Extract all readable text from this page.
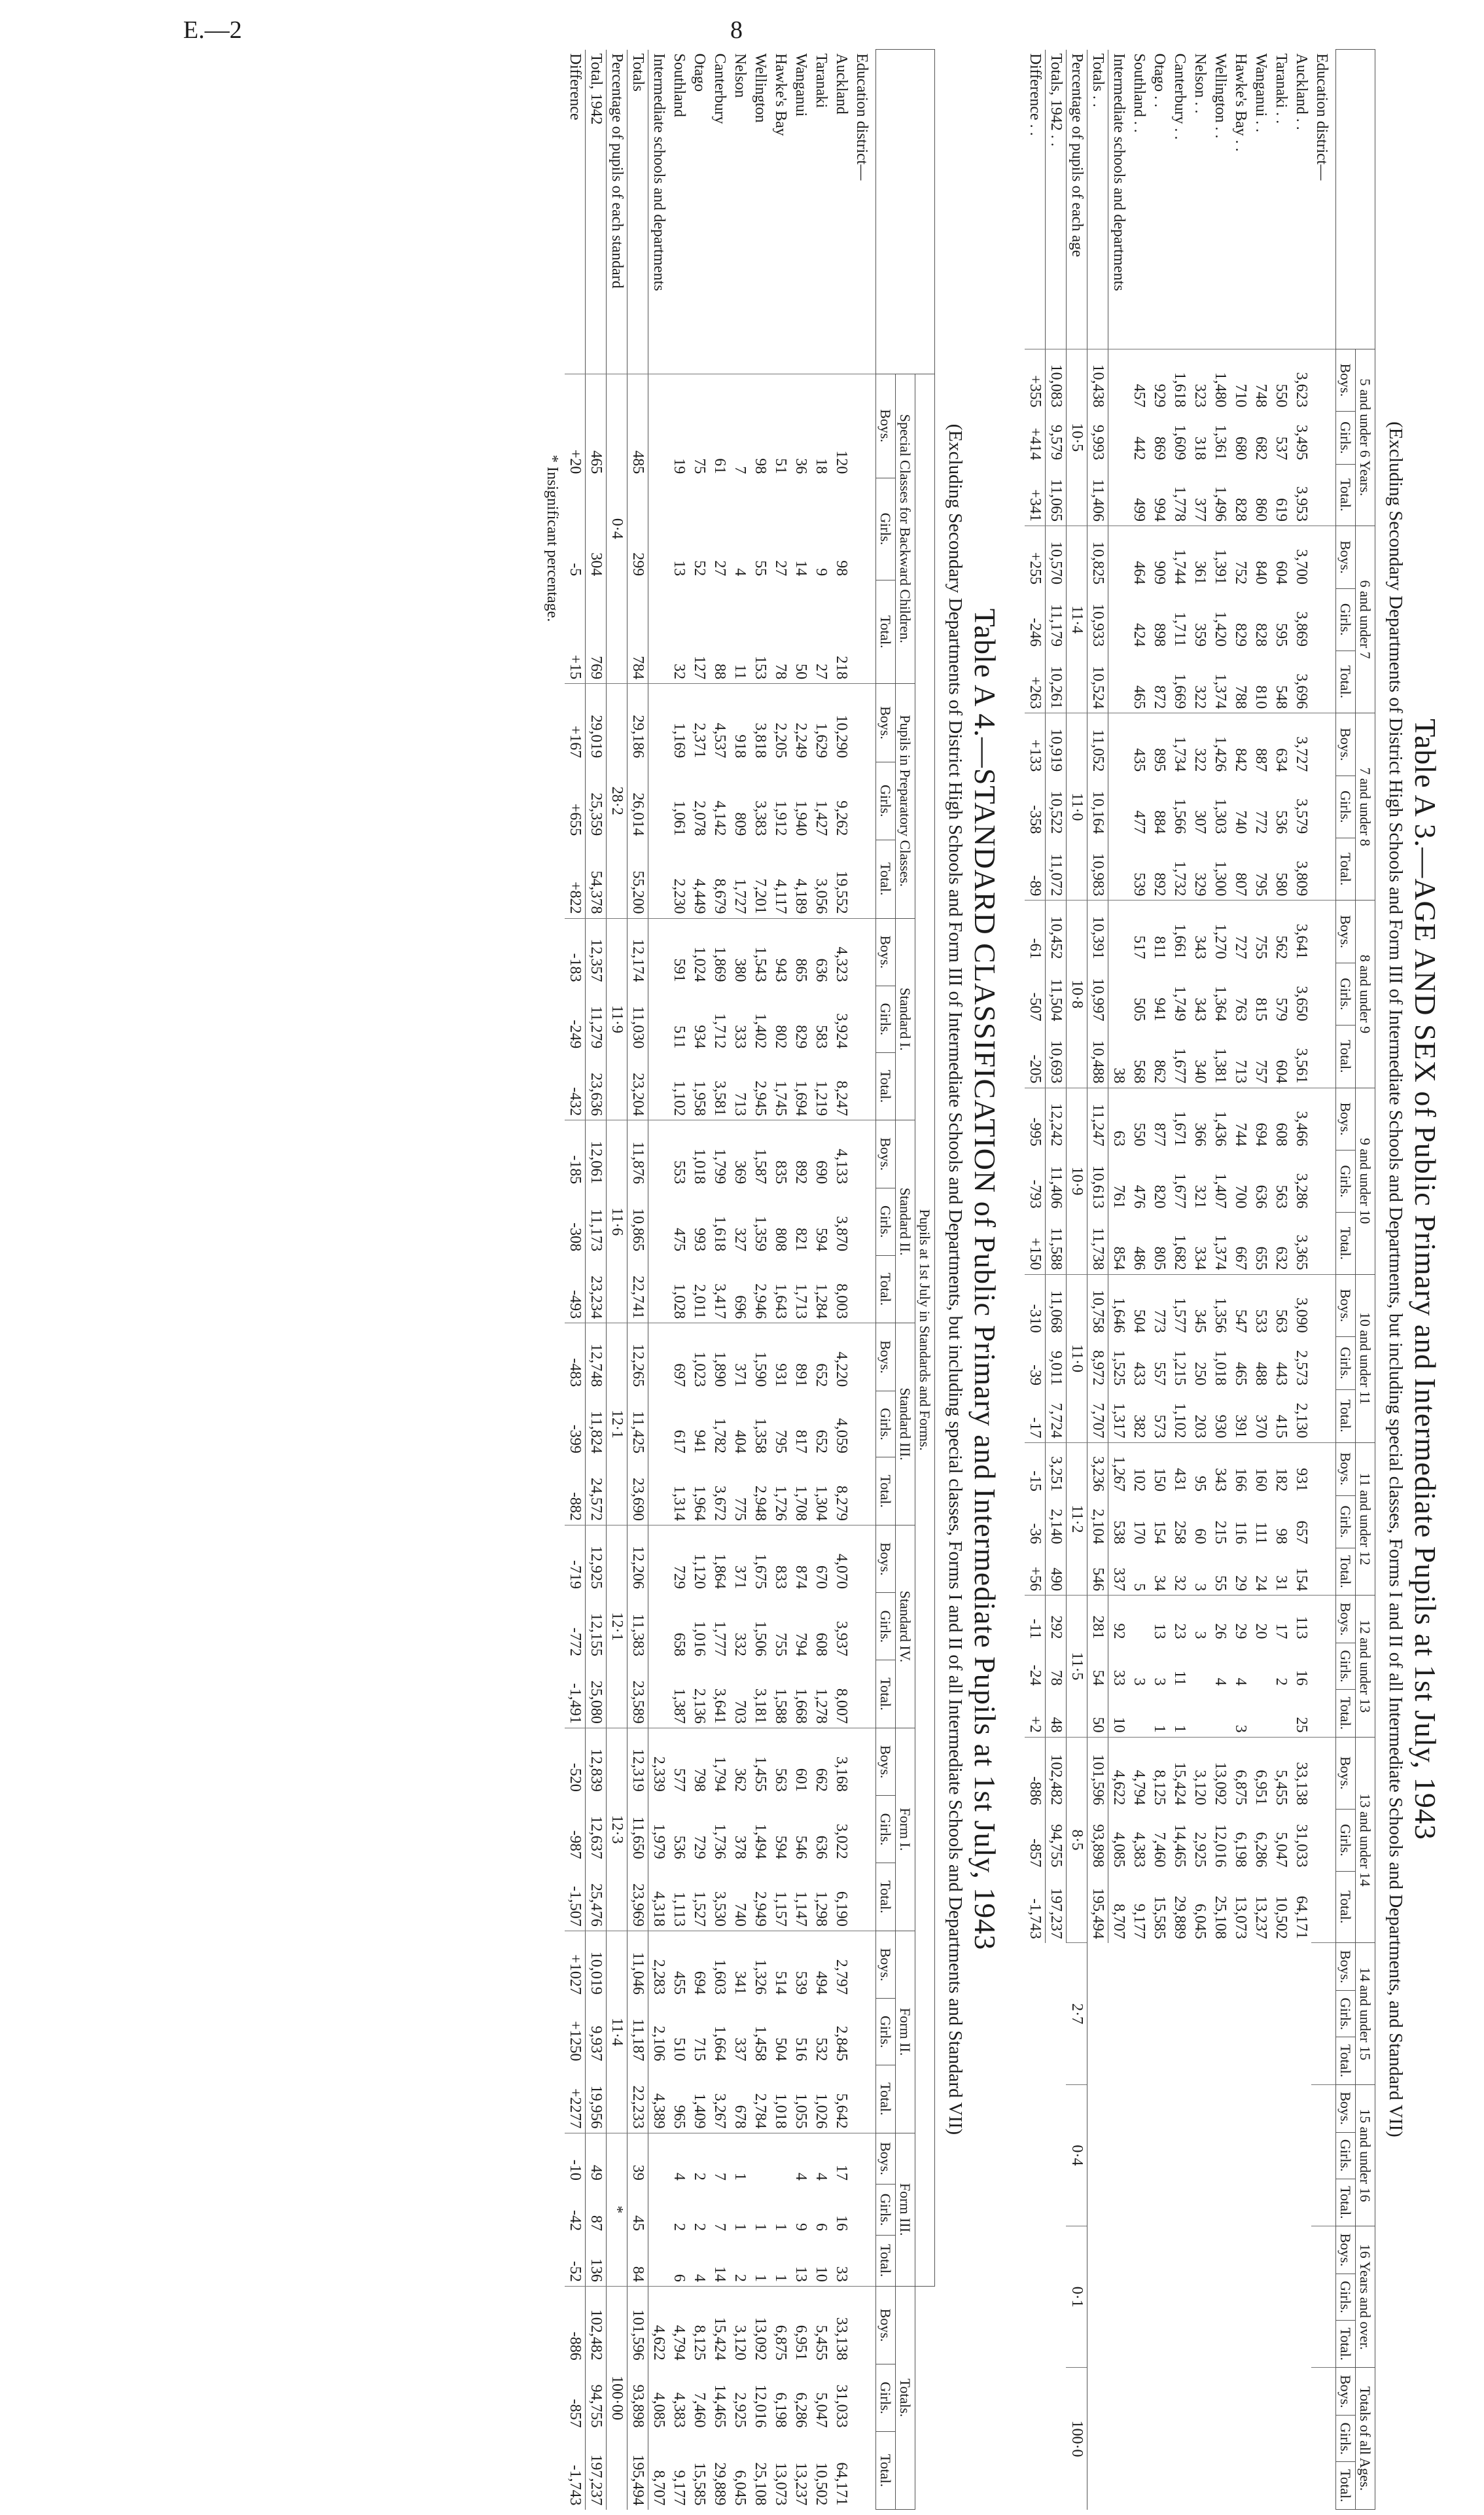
E.—2	8

Table A 3.—AGE AND SEX of Public Primary and Intermediate Pupils at 1st July, 1943

(Excluding Secondary Departments of District High Schools and Form III of Intermediate Schools and Departments, but including special classes, Forms I and II of all Intermediate Schools and Departments, and Standard VII)

	5 and under 6 Years.			6 and under 7			7 and under 8			8 and under 9			9 and under 10			10 and under 11			11 and under 12			12 and under 13			13 and under 14			14 and under 15			15 and under 16			16 Years and over.			Totals of all Ages.		
	Boys.	Girls.	Total.	Boys.	Girls.	Total.	Boys.	Girls.	Total.	Boys.	Girls.	Total.	Boys.	Girls.	Total.	Boys.	Girls.	Total.	Boys.	Girls.	Total.	Boys.	Girls.	Total.	Boys.	Girls.	Total.	Boys.	Girls.	Total.	Boys.	Girls.	Total.	Boys.	Girls.	Total.	Boys.	Girls.	Total.
Education district—																																							
Auckland . .	3,623	3,495	3,953	3,700	3,869	3,696	3,727	3,579	3,809	3,641	3,650	3,561	3,466	3,286	3,365	3,090	2,573	2,130	931	657	154	113	16	25	33,138	31,033	64,171												
Taranaki . .	550	537	619	604	595	548	634	536	580	562	579	604	608	563	632	563	443	415	182	98	31	17	2		5,455	5,047	10,502												
Wanganui . .	748	682	860	840	828	810	887	772	795	755	815	757	694	636	655	533	488	370	160	111	24	20			6,951	6,286	13,237												
Hawke's Bay . .	710	680	828	752	829	788	842	740	807	727	763	713	744	700	667	547	465	391	166	116	29	29	4	3	6,875	6,198	13,073												
Wellington . .	1,480	1,361	1,496	1,391	1,420	1,374	1,426	1,303	1,300	1,270	1,364	1,381	1,436	1,407	1,374	1,356	1,018	930	343	215	55	26	4		13,092	12,016	25,108												
Nelson . .	323	318	377	361	359	322	322	307	329	343	343	340	366	321	334	345	250	203	95	60	3	3			3,120	2,925	6,045												
Canterbury . .	1,618	1,609	1,778	1,744	1,711	1,669	1,734	1,566	1,732	1,661	1,749	1,677	1,671	1,677	1,682	1,577	1,215	1,102	431	258	32	23	11	1	15,424	14,465	29,889												
Otago . .	929	869	994	909	898	872	895	884	892	811	941	862	877	820	805	773	557	573	150	154	34	13	3	1	8,125	7,460	15,585												
Southland . .	457	442	499	464	424	465	435	477	539	517	505	568	550	476	486	504	433	382	102	170	5		3		4,794	4,383	9,177												
Intermediate schools and departments												38	63	761	854	1,646	1,525	1,317	1,267	538	337	92	33	10	4,622	4,085	8,707												
Totals . .	10,438	9,993	11,406	10,825	10,933	10,524	11,052	10,164	10,983	10,391	10,997	10,488	11,247	10,613	11,738	10,758	8,972	7,707	3,236	2,104	546	281	54	50	101,596	93,898	195,494												
Percentage of pupils of each age	10·5			11·4			11·0			10·8			10·9			11·0			11·2			11·5			8·5			2·7			0·4			0·1			100·0		
Totals, 1942 . .	10,083	9,579	11,065	10,570	11,179	10,261	10,919	10,522	11,072	10,452	11,504	10,693	12,242	11,406	11,588	11,068	9,011	7,724	3,251	2,140	490	292	78	48	102,482	94,755	197,237												
Difference . .	+355	+414	+341	+255	-246	+263	+133	-358	-89	-61	-507	-205	-995	-793	+150	-310	-39	-17	-15	-36	+56	-11	-24	+2	-886	-857	-1,743												

Table A 4.—STANDARD CLASSIFICATION of Public Primary and Intermediate Pupils at 1st July, 1943

(Excluding Secondary Departments of District High Schools and Form III of Intermediate Schools and Departments, but including special classes, Forms I and II of all Intermediate Schools and Departments and Standard VII)

	Pupils at 1st July in Standards and Forms.																													
	Special Classes for Backward Children.			Pupils in Preparatory Classes.			Standard I.			Standard II.			Standard III.			Standard IV.			Form I.			Form II.			Form III.			Totals.		
	Boys.	Girls.	Total.	Boys.	Girls.	Total.	Boys.	Girls.	Total.	Boys.	Girls.	Total.	Boys.	Girls.	Total.	Boys.	Girls.	Total.	Boys.	Girls.	Total.	Boys.	Girls.	Total.	Boys.	Girls.	Total.	Boys.	Girls.	Total.
Education district—																														
Auckland	120	98	218	10,290	9,262	19,552	4,323	3,924	8,247	4,133	3,870	8,003	4,220	4,059	8,279	4,070	3,937	8,007	3,168	3,022	6,190	2,797	2,845	5,642	17	16	33	33,138	31,033	64,171
Taranaki	18	9	27	1,629	1,427	3,056	636	583	1,219	690	594	1,284	652	652	1,304	670	608	1,278	662	636	1,298	494	532	1,026	4	6	10	5,455	5,047	10,502
Wanganui	36	14	50	2,249	1,940	4,189	865	829	1,694	892	821	1,713	891	817	1,708	874	794	1,668	601	546	1,147	539	516	1,055	4	9	13	6,951	6,286	13,237
Hawke's Bay	51	27	78	2,205	1,912	4,117	943	802	1,745	835	808	1,643	931	795	1,726	833	755	1,588	563	594	1,157	514	504	1,018		1	1	6,875	6,198	13,073
Wellington	98	55	153	3,818	3,383	7,201	1,543	1,402	2,945	1,587	1,359	2,946	1,590	1,358	2,948	1,675	1,506	3,181	1,455	1,494	2,949	1,326	1,458	2,784		1	1	13,092	12,016	25,108
Nelson	7	4	11	918	809	1,727	380	333	713	369	327	696	371	404	775	371	332	703	362	378	740	341	337	678	1	1	2	3,120	2,925	6,045
Canterbury	61	27	88	4,537	4,142	8,679	1,869	1,712	3,581	1,799	1,618	3,417	1,890	1,782	3,672	1,864	1,777	3,641	1,794	1,736	3,530	1,603	1,664	3,267	7	7	14	15,424	14,465	29,889
Otago	75	52	127	2,371	2,078	4,449	1,024	934	1,958	1,018	993	2,011	1,023	941	1,964	1,120	1,016	2,136	798	729	1,527	694	715	1,409	2	2	4	8,125	7,460	15,585
Southland	19	13	32	1,169	1,061	2,230	591	511	1,102	553	475	1,028	697	617	1,314	729	658	1,387	577	536	1,113	455	510	965	4	2	6	4,794	4,383	9,177
Intermediate schools and departments																			2,339	1,979	4,318	2,283	2,106	4,389				4,622	4,085	8,707
Totals	485	299	784	29,186	26,014	55,200	12,174	11,030	23,204	11,876	10,865	22,741	12,265	11,425	23,690	12,206	11,383	23,589	12,319	11,650	23,969	11,046	11,187	22,233	39	45	84	101,596	93,898	195,494
Percentage of pupils of each standard	0·4			28·2			11·9			11·6			12·1			12·1			12·3			11·4			*			100·00		
Total, 1942	465	304	769	29,019	25,359	54,378	12,357	11,279	23,636	12,061	11,173	23,234	12,748	11,824	24,572	12,925	12,155	25,080	12,839	12,637	25,476	10,019	9,937	19,956	49	87	136	102,482	94,755	197,237
Difference	+20	-5	+15	+167	+655	+822	-183	-249	-432	-185	-308	-493	-483	-399	-882	-719	-772	-1,491	-520	-987	-1,507	+1027	+1250	+2277	-10	-42	-52	-886	-857	-1,743
* Insignificant percentage.
